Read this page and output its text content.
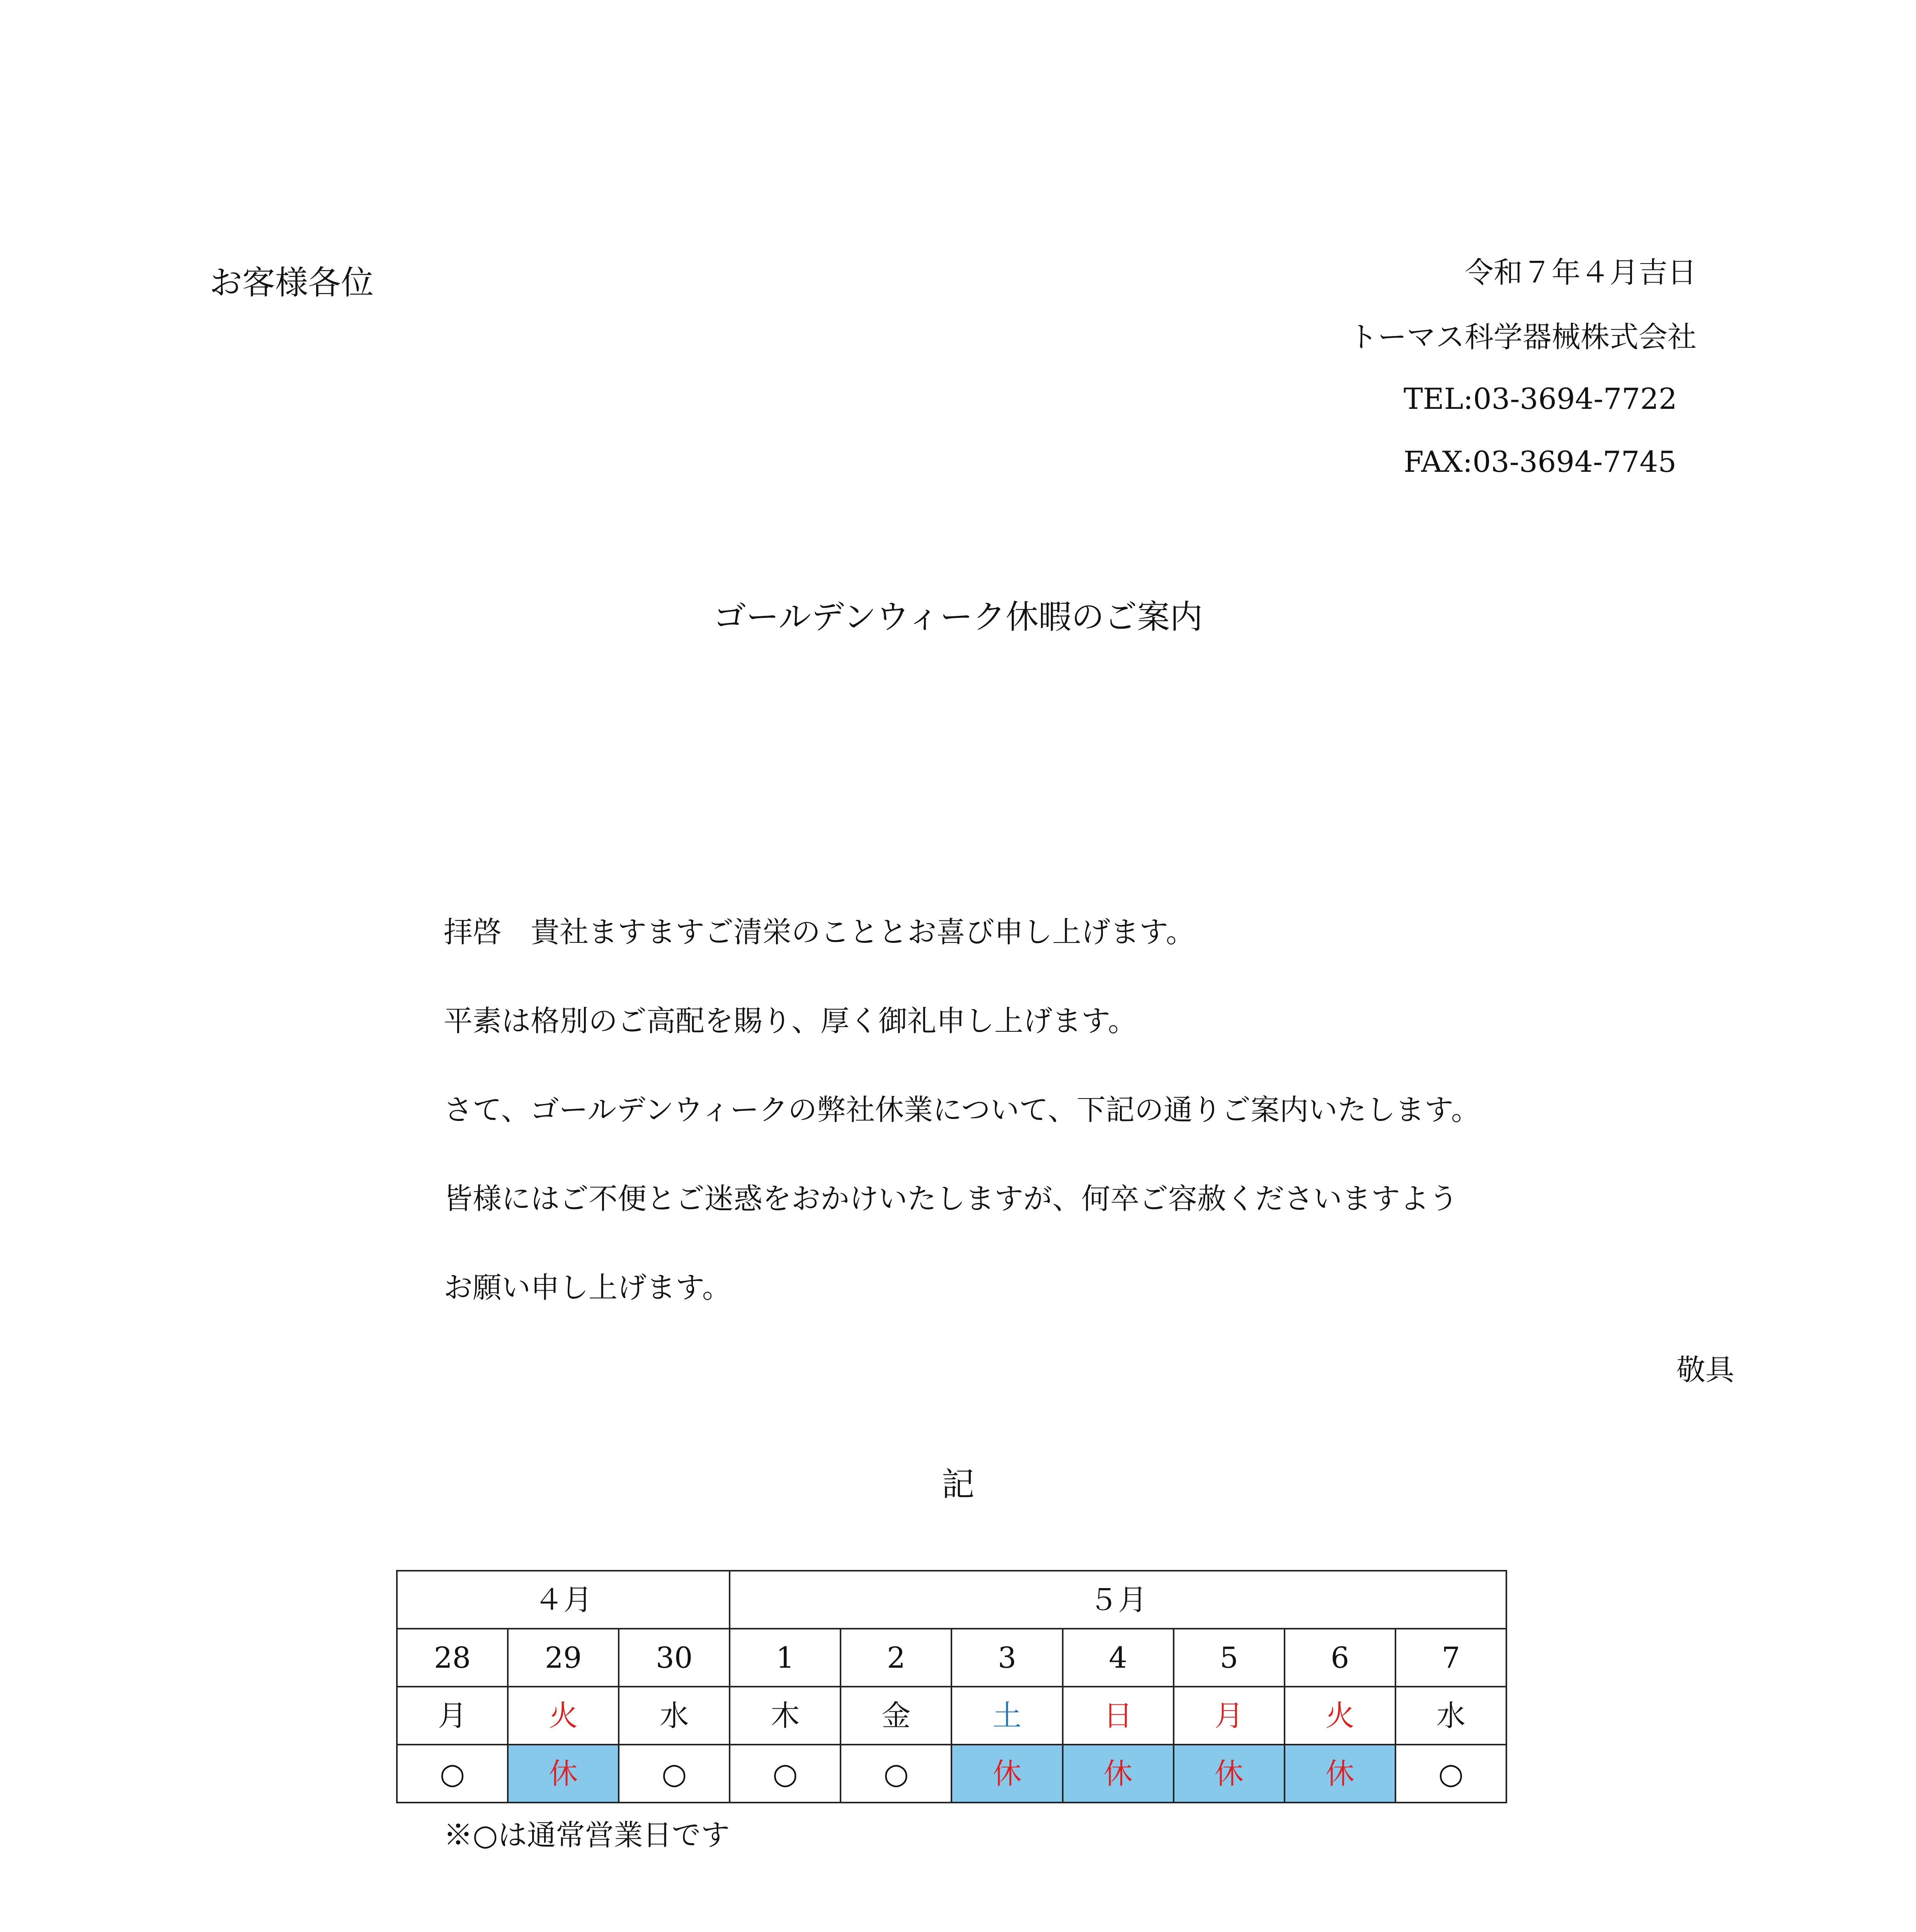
お客様各位	令和７年４月吉日
トーマス科学器械株式会社
TEL:03-3694-7722
FAX:03-3694-7745
ゴールデンウィーク休暇のご案内
拝啓　貴社ますますご清栄のこととお喜び申し上げます。
平素は格別のご高配を賜り、厚く御礼申し上げます。
さて、ゴールデンウィークの弊社休業について、下記の通りご案内いたします。
皆様にはご不便とご迷惑をおかけいたしますが、何卒ご容赦くださいますよう
お願い申し上げます。
敬具
記
４月			５月						
28	29	30	1	2	3	4	5	6	7
月	火	水	木	金	土	日	月	火	水
○	休	○	○	○	休	休	休	休	○
※○は通常営業日です
